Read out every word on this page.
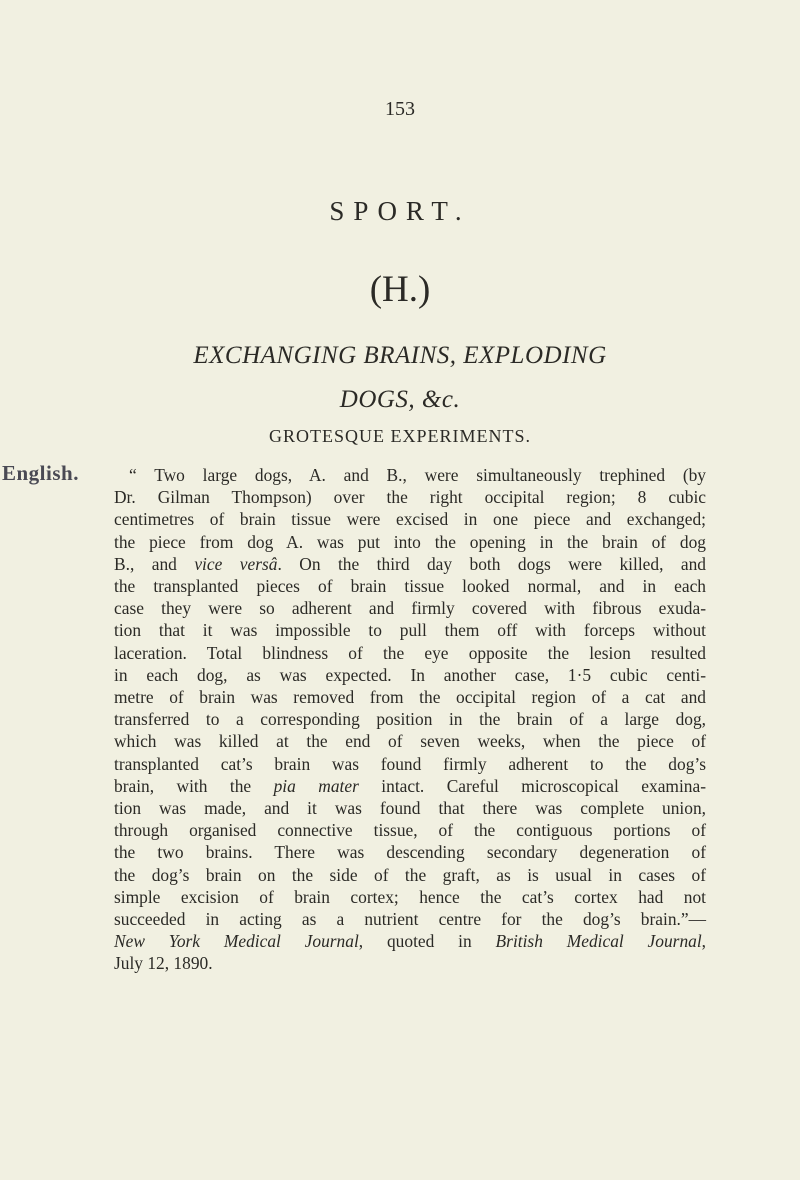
153
SPORT.
(H.)
EXCHANGING BRAINS, EXPLODING
DOGS, &c.
GROTESQUE EXPERIMENTS.
English.	“ Two large dogs, A. and B., were simultaneously trephined (by
Dr. Gilman Thompson) over the right occipital region; 8 cubic
centimetres of brain tissue were excised in one piece and exchanged;
the piece from dog A. was put into the opening in the brain of dog
B., and vice versâ. On the third day both dogs were killed, and
the transplanted pieces of brain tissue looked normal, and in each
case they were so adherent and firmly covered with fibrous exuda-
tion that it was impossible to pull them off with forceps without
laceration. Total blindness of the eye opposite the lesion resulted
in each dog, as was expected. In another case, 1·5 cubic centi-
metre of brain was removed from the occipital region of a cat and
transferred to a corresponding position in the brain of a large dog,
which was killed at the end of seven weeks, when the piece of
transplanted cat’s brain was found firmly adherent to the dog’s
brain, with the pia mater intact. Careful microscopical examina-
tion was made, and it was found that there was complete union,
through organised connective tissue, of the contiguous portions of
the two brains. There was descending secondary degeneration of
the dog’s brain on the side of the graft, as is usual in cases of
simple excision of brain cortex; hence the cat’s cortex had not
succeeded in acting as a nutrient centre for the dog’s brain.”—
New York Medical Journal, quoted in British Medical Journal,
July 12, 1890.
